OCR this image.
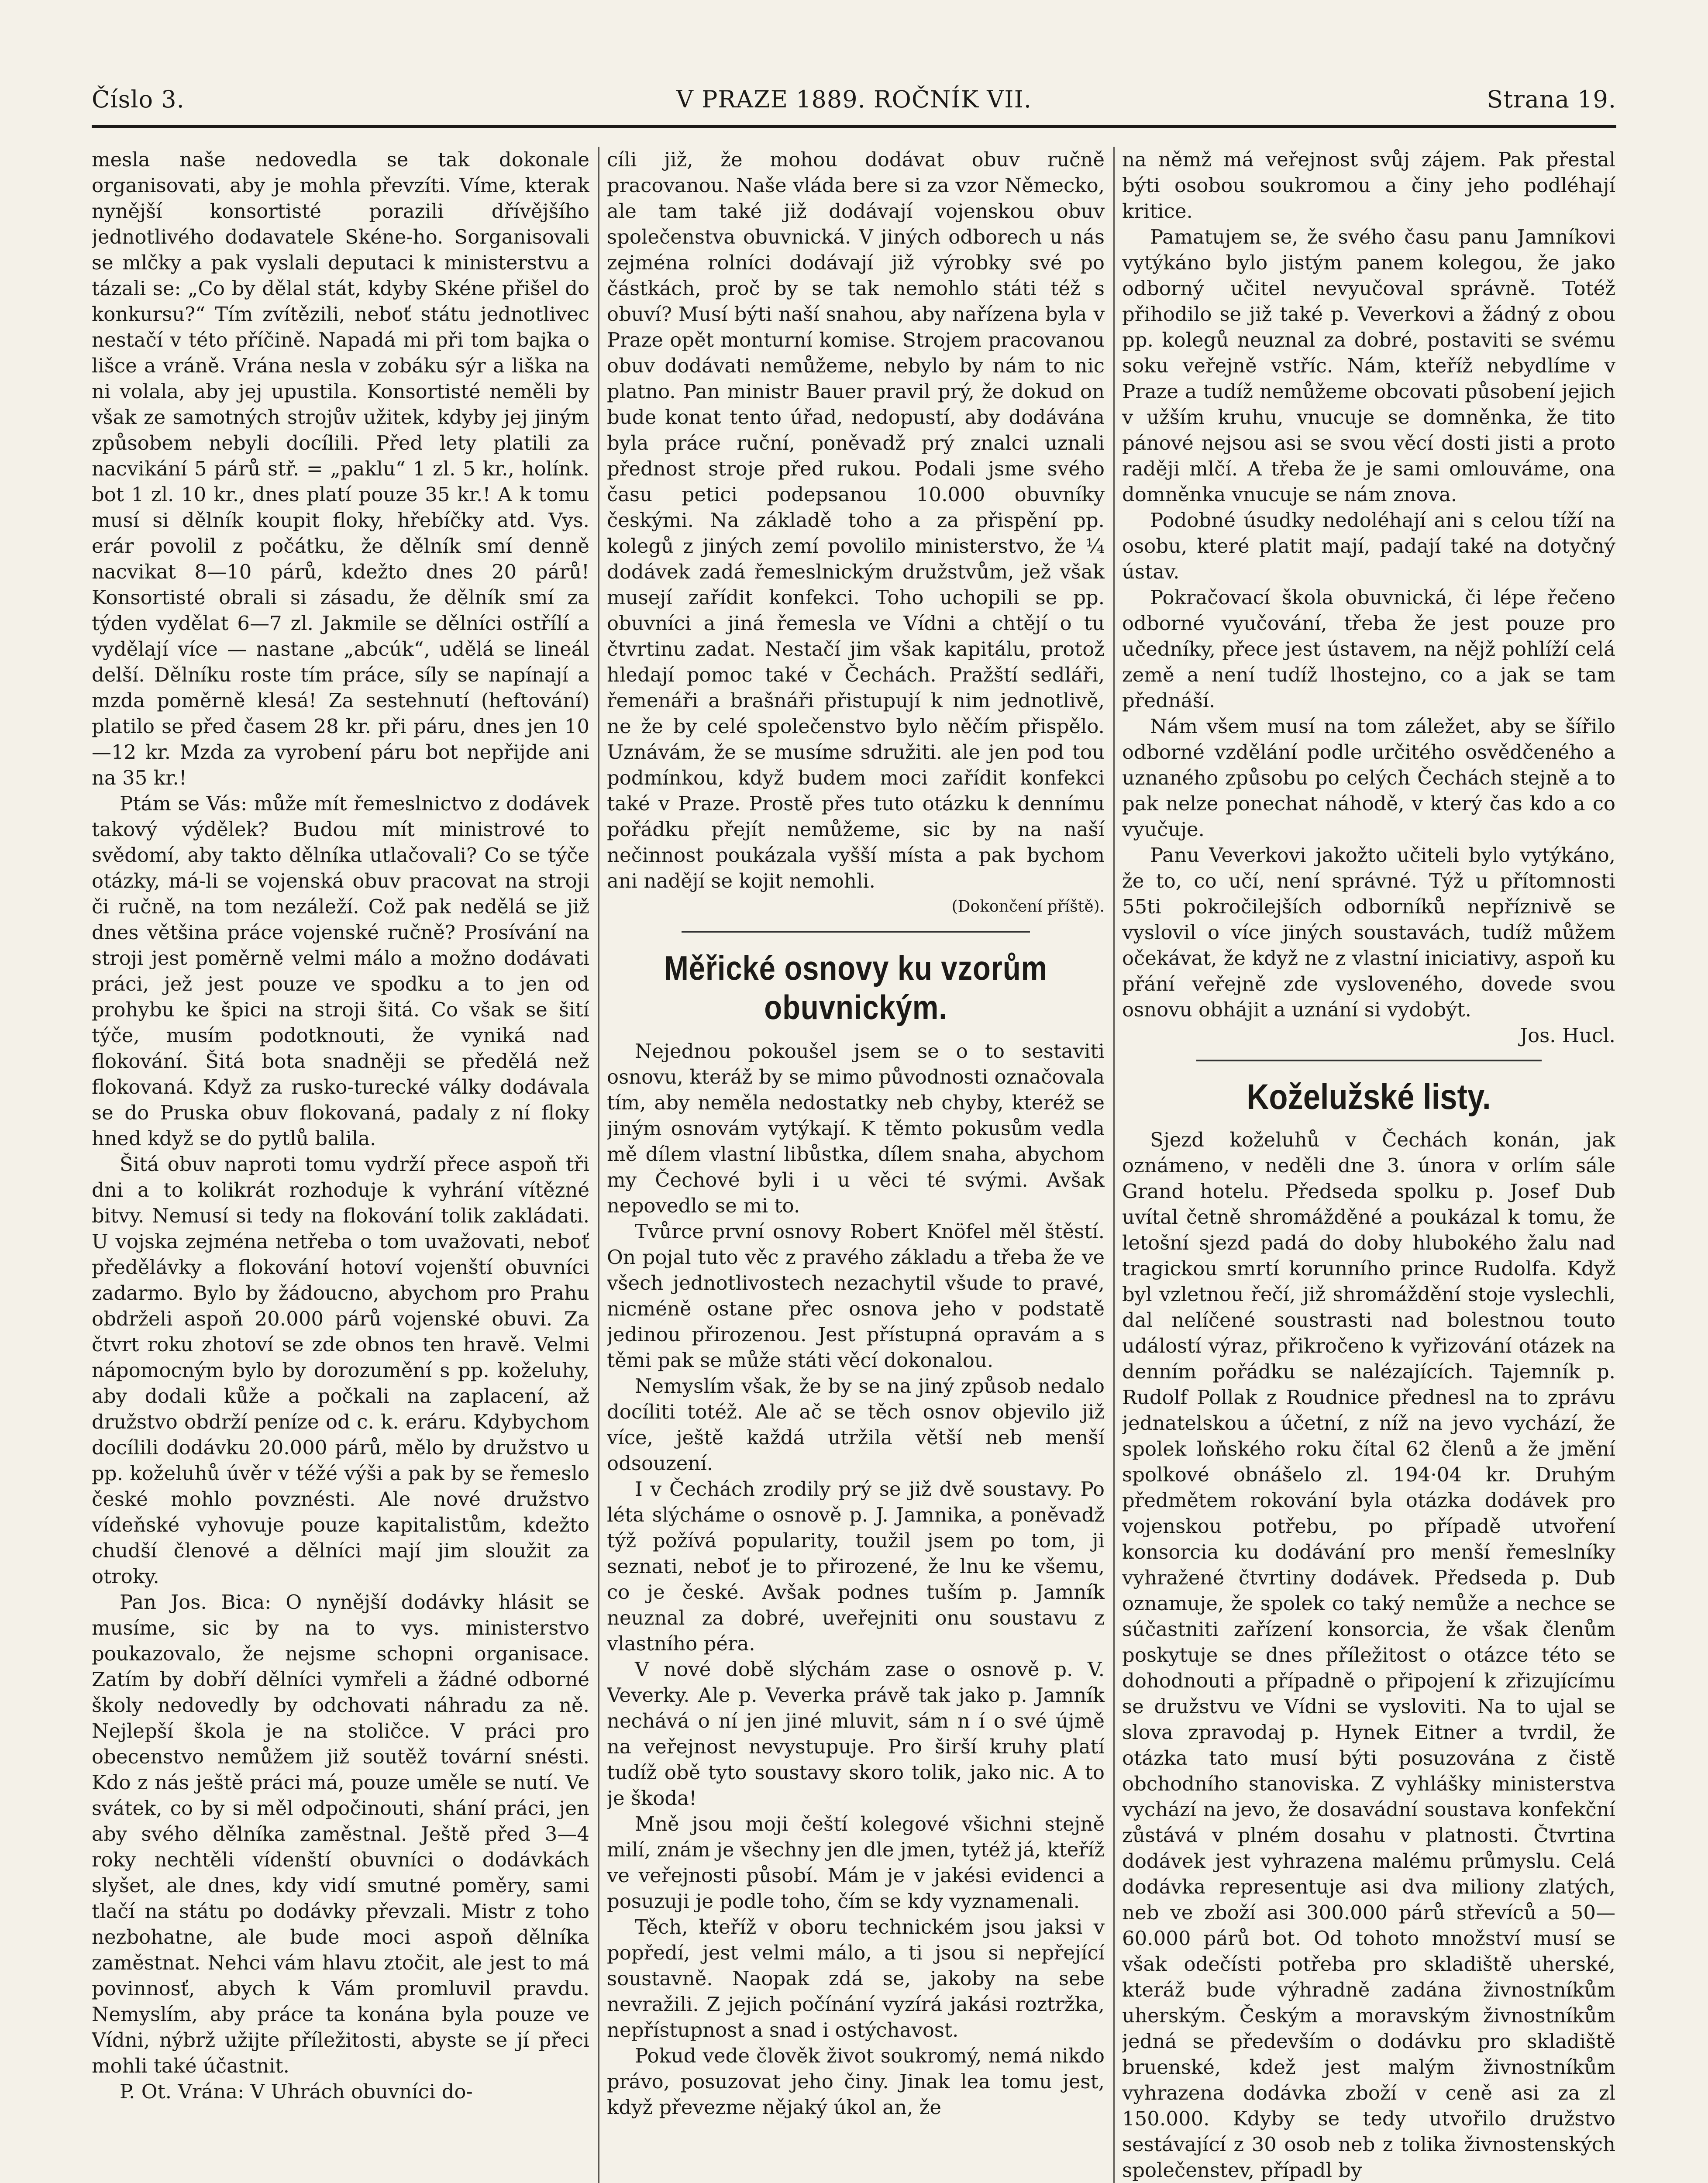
Číslo 3.	V PRAZE 1889. ROČNÍK VII.	Strana 19.

mesla naše nedovedla se tak dokonale organisovati, aby je mohla převzíti. Víme, kterak nynější konsortisté porazili dřívějšího jednotlivého dodavatele Skéne-ho. Sorganisovali se mlčky a pak vyslali deputaci k ministerstvu a tázali se: „Co by dělal stát, kdyby Skéne přišel do konkursu?“ Tím zvítězili, neboť státu jednotlivec nestačí v této příčině. Napadá mi při tom bajka o lišce a vráně. Vrána nesla v zobáku sýr a liška na ni volala, aby jej upustila. Konsortisté neměli by však ze samotných strojův užitek, kdyby jej jiným způsobem nebyli docílili. Před lety platili za nacvikání 5 párů stř. = „paklu“ 1 zl. 5 kr., holínk. bot 1 zl. 10 kr., dnes platí pouze 35 kr.! A k tomu musí si dělník koupit floky, hřebíčky atd. Vys. erár povolil z počátku, že dělník smí denně nacvikat 8—10 párů, kdežto dnes 20 párů! Konsortisté obrali si zásadu, že dělník smí za týden vydělat 6—7 zl. Jakmile se dělníci ostřílí a vydělají více — nastane „abcúk“, udělá se lineál delší. Dělníku roste tím práce, síly se napínají a mzda poměrně klesá! Za sestehnutí (heftování) platilo se před časem 28 kr. při páru, dnes jen 10—12 kr. Mzda za vyrobení páru bot nepřijde ani na 35 kr.!

Ptám se Vás: může mít řemeslnictvo z dodávek takový výdělek? Budou mít ministrové to svědomí, aby takto dělníka utlačovali? Co se týče otázky, má-li se vojenská obuv pracovat na stroji či ručně, na tom nezáleží. Což pak nedělá se již dnes většina práce vojenské ručně? Prosívání na stroji jest poměrně velmi málo a možno dodávati práci, jež jest pouze ve spodku a to jen od prohybu ke špici na stroji šitá. Co však se šití týče, musím podotknouti, že vyniká nad flokování. Šitá bota snadněji se předělá než flokovaná. Když za rusko-turecké války dodávala se do Pruska obuv flokovaná, padaly z ní floky hned když se do pytlů balila.

Šitá obuv naproti tomu vydrží přece aspoň tři dni a to kolikrát rozhoduje k vyhrání vítězné bitvy. Nemusí si tedy na flokování tolik zakládati. U vojska zejména netřeba o tom uvažovati, neboť předělávky a flokování hotoví vojenští obuvníci zadarmo. Bylo by žádoucno, abychom pro Prahu obdrželi aspoň 20.000 párů vojenské obuvi. Za čtvrt roku zhotoví se zde obnos ten hravě. Velmi nápomocným bylo by dorozumění s pp. koželuhy, aby dodali kůže a počkali na zaplacení, až družstvo obdrží peníze od c. k. eráru. Kdybychom docílili dodávku 20.000 párů, mělo by družstvo u pp. koželuhů úvěr v téžé výši a pak by se řemeslo české mohlo povznésti. Ale nové družstvo vídeňské vyhovuje pouze kapitalistům, kdežto chudší členové a dělníci mají jim sloužit za otroky.

Pan Jos. Bica: O nynější dodávky hlásit se musíme, sic by na to vys. ministerstvo poukazovalo, že nejsme schopni organisace. Zatím by dobří dělníci vymřeli a žádné odborné školy nedovedly by odchovati náhradu za ně. Nejlepší škola je na stoličce. V práci pro obecenstvo nemůžem již soutěž tovární snésti. Kdo z nás ještě práci má, pouze uměle se nutí. Ve svátek, co by si měl odpočinouti, shání práci, jen aby svého dělníka zaměstnal. Ještě před 3—4 roky nechtěli vídenští obuvníci o dodávkách slyšet, ale dnes, kdy vidí smutné poměry, sami tlačí na státu po dodávky převzali. Mistr z toho nezbohatne, ale bude moci aspoň dělníka zaměstnat. Nehci vám hlavu ztočit, ale jest to má povinnosť, abych k Vám promluvil pravdu. Nemyslím, aby práce ta konána byla pouze ve Vídni, nýbrž užijte příležitosti, abyste se jí přeci mohli také účastnit.

P. Ot. Vrána: V Uhrách obuvníci do-

cíli již, že mohou dodávat obuv ručně pracovanou. Naše vláda bere si za vzor Německo, ale tam také již dodávají vojenskou obuv společenstva obuvnická. V jiných odborech u nás zejména rolníci dodávají již výrobky své po částkách, proč by se tak nemohlo státi též s obuví? Musí býti naší snahou, aby nařízena byla v Praze opět monturní komise. Strojem pracovanou obuv dodávati nemůžeme, nebylo by nám to nic platno. Pan ministr Bauer pravil prý, že dokud on bude konat tento úřad, nedopustí, aby dodávána byla práce ruční, poněvadž prý znalci uznali přednost stroje před rukou. Podali jsme svého času petici podepsanou 10.000 obuvníky českými. Na základě toho a za přispění pp. kolegů z jiných zemí povolilo ministerstvo, že ¼ dodávek zadá řemeslnickým družstvům, jež však musejí zařídit konfekci. Toho uchopili se pp. obuvníci a jiná řemesla ve Vídni a chtějí o tu čtvrtinu zadat. Nestačí jim však kapitálu, protož hledají pomoc také v Čechách. Pražští sedláři, řemenáři a brašnáři přistupují k nim jednotlivě, ne že by celé společenstvo bylo něčím přispělo. Uznávám, že se musíme sdružiti. ale jen pod tou podmínkou, když budem moci zařídit konfekci také v Praze. Prostě přes tuto otázku k dennímu pořádku přejít nemůžeme, sic by na naší nečinnost poukázala vyšší místa a pak bychom ani nadějí se kojit nemohli.

(Dokončení příště).

Měřické osnovy ku vzorům obuvnickým.

Nejednou pokoušel jsem se o to sestaviti osnovu, kteráž by se mimo původnosti označovala tím, aby neměla nedostatky neb chyby, kteréž se jiným osnovám vytýkají. K těmto pokusům vedla mě dílem vlastní libůstka, dílem snaha, abychom my Čechové byli i u věci té svými. Avšak nepovedlo se mi to.

Tvůrce první osnovy Robert Knöfel měl štěstí. On pojal tuto věc z pravého základu a třeba že ve všech jednotlivostech nezachytil všude to pravé, nicméně ostane přec osnova jeho v podstatě jedinou přirozenou. Jest přístupná opravám a s těmi pak se může státi věcí dokonalou.

Nemyslím však, že by se na jiný způsob nedalo docíliti totéž. Ale ač se těch osnov objevilo již více, ještě každá utržila větší neb menší odsouzení.

I v Čechách zrodily prý se již dvě soustavy. Po léta slýcháme o osnově p. J. Jamnika, a poněvadž týž požívá popularity, toužil jsem po tom, ji seznati, neboť je to přirozené, že lnu ke všemu, co je české. Avšak podnes tuším p. Jamník neuznal za dobré, uveřejniti onu soustavu z vlastního péra.

V nové době slýchám zase o osnově p. V. Veverky. Ale p. Veverka právě tak jako p. Jamník nechává o ní jen jiné mluvit, sám n í o své újmě na veřejnost nevystupuje. Pro širší kruhy platí tudíž obě tyto soustavy skoro tolik, jako nic. A to je škoda!

Mně jsou moji čeští kolegové všichni stejně milí, znám je všechny jen dle jmen, tytéž já, kteříž ve veřejnosti působí. Mám je v jakési evidenci a posuzuji je podle toho, čím se kdy vyznamenali.

Těch, kteříž v oboru technickém jsou jaksi v popředí, jest velmi málo, a ti jsou si nepřející soustavně. Naopak zdá se, jakoby na sebe nevražili. Z jejich počínání vyzírá jakási roztržka, nepřístupnost a snad i ostýchavost.

Pokud vede člověk život soukromý, nemá nikdo právo, posuzovat jeho činy. Jinak lea tomu jest, když převezme nějaký úkol an, že

na němž má veřejnost svůj zájem. Pak přestal býti osobou soukromou a činy jeho podléhají kritice.

Pamatujem se, že svého času panu Jamníkovi vytýkáno bylo jistým panem kolegou, že jako odborný učitel nevyučoval správně. Totéž přihodilo se již také p. Veverkovi a žádný z obou pp. kolegů neuznal za dobré, postaviti se svému soku veřejně vstříc. Nám, kteříž nebydlíme v Praze a tudíž nemůžeme obcovati působení jejich v užším kruhu, vnucuje se domněnka, že tito pánové nejsou asi se svou věcí dosti jisti a proto raději mlčí. A třeba že je sami omlouváme, ona domněnka vnucuje se nám znova.

Podobné úsudky nedoléhají ani s celou tíží na osobu, které platit mají, padají také na dotyčný ústav.

Pokračovací škola obuvnická, či lépe řečeno odborné vyučování, třeba že jest pouze pro učedníky, přece jest ústavem, na nějž pohlíží celá země a není tudíž lhostejno, co a jak se tam přednáší.

Nám všem musí na tom záležet, aby se šířilo odborné vzdělání podle určitého osvědčeného a uznaného způsobu po celých Čechách stejně a to pak nelze ponechat náhodě, v který čas kdo a co vyučuje.

Panu Veverkovi jakožto učiteli bylo vytýkáno, že to, co učí, není správné. Týž u přítomnosti 55ti pokročilejších odborníků nepříznivě se vyslovil o více jiných soustavách, tudíž můžem očekávat, že když ne z vlastní iniciativy, aspoň ku přání veřejně zde vysloveného, dovede svou osnovu obhájit a uznání si vydobýt.

Jos. Hucl.

Koželužské listy.

Sjezd koželuhů v Čechách konán, jak oznámeno, v neděli dne 3. února v orlím sále Grand hotelu. Předseda spolku p. Josef Dub uvítal četně shromážděné a poukázal k tomu, že letošní sjezd padá do doby hlubokého žalu nad tragickou smrtí korunního prince Rudolfa. Když byl vzletnou řečí, již shromáždění stoje vyslechli, dal nelíčené soustrasti nad bolestnou touto událostí výraz, přikročeno k vyřizování otázek na denním pořádku se nalézajících. Tajemník p. Rudolf Pollak z Roudnice přednesl na to zprávu jednatelskou a účetní, z níž na jevo vychází, že spolek loňského roku čítal 62 členů a že jmění spolkové obnášelo zl. 194·04 kr. Druhým předmětem rokování byla otázka dodávek pro vojenskou potřebu, po případě utvoření konsorcia ku dodávání pro menší řemeslníky vyhražené čtvrtiny dodávek. Předseda p. Dub oznamuje, že spolek co taký nemůže a nechce se súčastniti zařízení konsorcia, že však členům poskytuje se dnes příležitost o otázce této se dohodnouti a případně o připojení k zřizujícímu se družstvu ve Vídni se vysloviti. Na to ujal se slova zpravodaj p. Hynek Eitner a tvrdil, že otázka tato musí býti posuzována z čistě obchodního stanoviska. Z vyhlášky ministerstva vychází na jevo, že dosavádní soustava konfekční zůstává v plném dosahu v platnosti. Čtvrtina dodávek jest vyhrazena malému průmyslu. Celá dodávka representuje asi dva miliony zlatých, neb ve zboží asi 300.000 párů střevíců a 50—60.000 párů bot. Od tohoto množství musí se však odečísti potřeba pro skladiště uherské, kteráž bude výhradně zadána živnostníkům uherským. Českým a moravským živnostníkům jedná se především o dodávku pro skladiště bruenské, kdež jest malým živnostníkům vyhrazena dodávka zboží v ceně asi za zl 150.000. Kdyby se tedy utvořilo družstvo sestávající z 30 osob neb z tolika živnostenských společenstev, případl by
